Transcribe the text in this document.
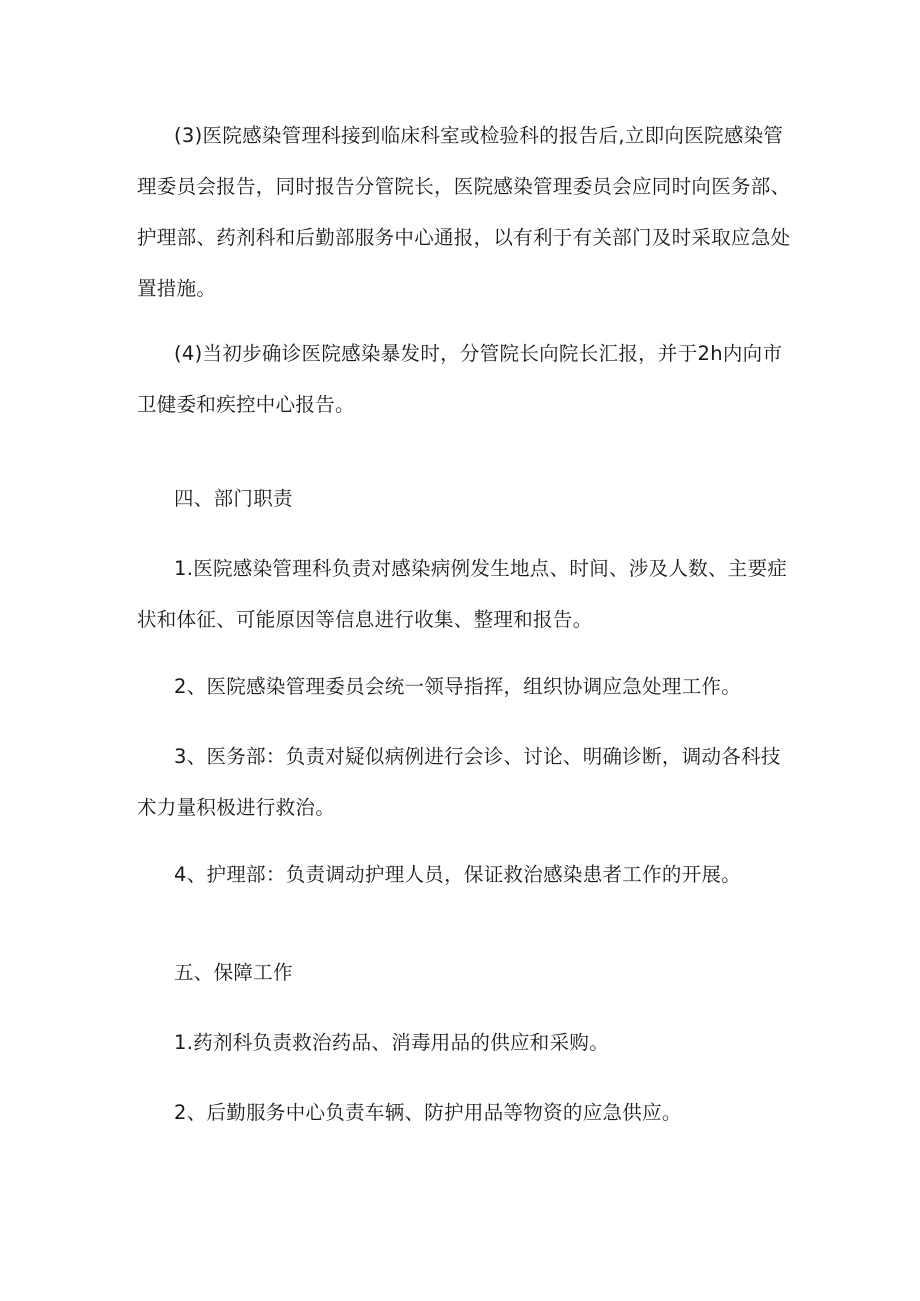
(3)医院感染管理科接到临床科室或检验科的报告后,立即向医院感染管理委员会报告，同时报告分管院长，医院感染管理委员会应同时向医务部、护理部、药剂科和后勤部服务中心通报，以有利于有关部门及时采取应急处置措施。

(4)当初步确诊医院感染暴发时，分管院长向院长汇报，并于2h内向市卫健委和疾控中心报告。

四、部门职责

1.医院感染管理科负责对感染病例发生地点、时间、涉及人数、主要症状和体征、可能原因等信息进行收集、整理和报告。

2、医院感染管理委员会统一领导指挥，组织协调应急处理工作。

3、医务部：负责对疑似病例进行会诊、讨论、明确诊断，调动各科技术力量积极进行救治。

4、护理部：负责调动护理人员，保证救治感染患者工作的开展。

五、保障工作

1.药剂科负责救治药品、消毒用品的供应和采购。

2、后勤服务中心负责车辆、防护用品等物资的应急供应。
